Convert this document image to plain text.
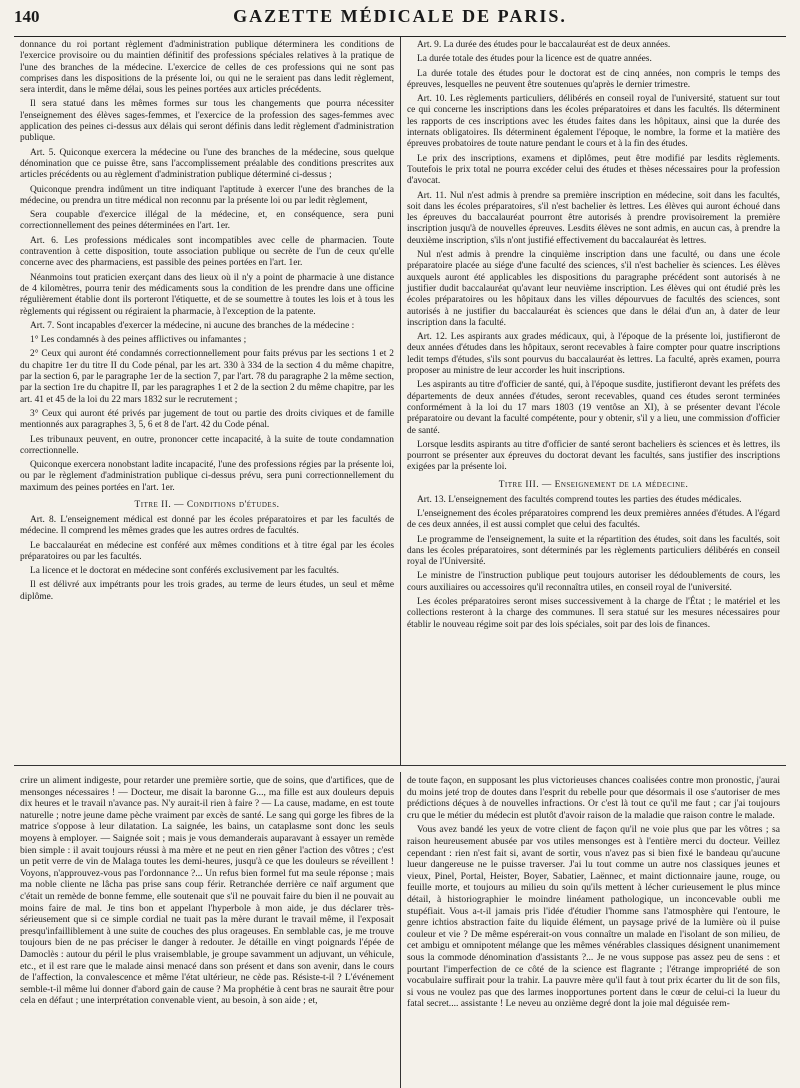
140	GAZETTE MÉDICALE DE PARIS.

donnance du roi portant règlement d'administration publique déterminera les conditions de l'exercice provisoire ou du maintien définitif des professions spéciales relatives à la pratique de l'une des branches de la médecine. L'exercice de celles de ces professions qui ne sont pas comprises dans les dispositions de la présente loi, ou qui ne le seraient pas dans ledit règlement, sera interdit, dans le même délai, sous les peines portées aux articles précédents.

Il sera statué dans les mêmes formes sur tous les changements que pourra nécessiter l'enseignement des élèves sages-femmes, et l'exercice de la profession des sages-femmes avec application des peines ci-dessus aux délais qui seront définis dans ledit règlement d'administration publique.

Art. 5. Quiconque exercera la médecine ou l'une des branches de la médecine, sous quelque dénomination que ce puisse être, sans l'accomplissement préalable des conditions prescrites aux articles précédents ou au règlement d'administration publique déterminé ci-dessus ;

Quiconque prendra indûment un titre indiquant l'aptitude à exercer l'une des branches de la médecine, ou prendra un titre médical non reconnu par la présente loi ou par ledit règlement,

Sera coupable d'exercice illégal de la médecine, et, en conséquence, sera puni correctionnellement des peines déterminées en l'art. 1er.

Art. 6. Les professions médicales sont incompatibles avec celle de pharmacien. Toute contravention à cette disposition, toute association publique ou secrète de l'un de ceux qu'elle concerne avec des pharmaciens, est passible des peines portées en l'art. 1er.

Néanmoins tout praticien exerçant dans des lieux où il n'y a point de pharmacie à une distance de 4 kilomètres, pourra tenir des médicaments sous la condition de les prendre dans une officine régulièrement établie dont ils porteront l'étiquette, et de se soumettre à toutes les lois et à tous les règlements qui régissent ou régiraient la pharmacie, à l'exception de la patente.

Art. 7. Sont incapables d'exercer la médecine, ni aucune des branches de la médecine :

1° Les condamnés à des peines afflictives ou infamantes ;

2° Ceux qui auront été condamnés correctionnellement pour faits prévus par les sections 1 et 2 du chapitre 1er du titre II du Code pénal, par les art. 330 à 334 de la section 4 du même chapitre, par la section 6, par le paragraphe 1er de la section 7, par l'art. 78 du paragraphe 2 la même section, par la section 1re du chapitre II, par les paragraphes 1 et 2 de la section 2 du même chapitre, par les art. 41 et 45 de la loi du 22 mars 1832 sur le recrutement ;

3° Ceux qui auront été privés par jugement de tout ou partie des droits civiques et de famille mentionnés aux paragraphes 3, 5, 6 et 8 de l'art. 42 du Code pénal.

Les tribunaux peuvent, en outre, prononcer cette incapacité, à la suite de toute condamnation correctionnelle.

Quiconque exercera nonobstant ladite incapacité, l'une des professions régies par la présente loi, ou par le règlement d'administration publique ci-dessus prévu, sera puni correctionnellement du maximum des peines portées en l'art. 1er.

Titre II. — Conditions d'études.

Art. 8. L'enseignement médical est donné par les écoles préparatoires et par les facultés de médecine. Il comprend les mêmes grades que les autres ordres de facultés.

Le baccalauréat en médecine est conféré aux mêmes conditions et à titre égal par les écoles préparatoires ou par les facultés.

La licence et le doctorat en médecine sont conférés exclusivement par les facultés.

Il est délivré aux impétrants pour les trois grades, au terme de leurs études, un seul et même diplôme.

Art. 9. La durée des études pour le baccalauréat est de deux années.

La durée totale des études pour la licence est de quatre années.

La durée totale des études pour le doctorat est de cinq années, non compris le temps des épreuves, lesquelles ne peuvent être soutenues qu'après le dernier trimestre.

Art. 10. Les règlements particuliers, délibérés en conseil royal de l'université, statuent sur tout ce qui concerne les inscriptions dans les écoles préparatoires et dans les facultés. Ils déterminent les rapports de ces inscriptions avec les études faites dans les hôpitaux, ainsi que la durée des internats obligatoires. Ils déterminent également l'époque, le nombre, la forme et la matière des épreuves probatoires de toute nature pendant le cours et à la fin des études.

Le prix des inscriptions, examens et diplômes, peut être modifié par lesdits règlements. Toutefois le prix total ne pourra excéder celui des études et thèses nécessaires pour la profession d'avocat.

Art. 11. Nul n'est admis à prendre sa première inscription en médecine, soit dans les facultés, soit dans les écoles préparatoires, s'il n'est bachelier ès lettres. Les élèves qui auront échoué dans les épreuves du baccalauréat pourront être autorisés à prendre provisoirement la première inscription jusqu'à de nouvelles épreuves. Lesdits élèves ne sont admis, en aucun cas, à prendre la deuxième inscription, s'ils n'ont justifié effectivement du baccalauréat ès lettres.

Nul n'est admis à prendre la cinquième inscription dans une faculté, ou dans une école préparatoire placée au siége d'une faculté des sciences, s'il n'est bachelier ès sciences. Les élèves auxquels auront été applicables les dispositions du paragraphe précédent sont autorisés à ne justifier dudit baccalauréat qu'avant leur neuvième inscription. Les élèves qui ont étudié près les écoles préparatoires ou les hôpitaux dans les villes dépourvues de facultés des sciences, sont autorisés à ne justifier du baccalauréat ès sciences que dans le délai d'un an, à dater de leur inscription dans la faculté.

Art. 12. Les aspirants aux grades médicaux, qui, à l'époque de la présente loi, justifieront de deux années d'études dans les hôpitaux, seront recevables à faire compter pour quatre inscriptions ledit temps d'études, s'ils sont pourvus du baccalauréat ès lettres. La faculté, après examen, pourra proposer au ministre de leur accorder les huit inscriptions.

Les aspirants au titre d'officier de santé, qui, à l'époque susdite, justifieront devant les préfets des départements de deux années d'études, seront recevables, quand ces études seront terminées conformément à la loi du 17 mars 1803 (19 ventôse an XI), à se présenter devant l'école préparatoire ou devant la faculté compétente, pour y obtenir, s'il y a lieu, une commission d'officier de santé.

Lorsque lesdits aspirants au titre d'officier de santé seront bacheliers ès sciences et ès lettres, ils pourront se présenter aux épreuves du doctorat devant les facultés, sans justifier des inscriptions exigées par la présente loi.

Titre III. — Enseignement de la médecine.

Art. 13. L'enseignement des facultés comprend toutes les parties des études médicales.

L'enseignement des écoles préparatoires comprend les deux premières années d'études. A l'égard de ces deux années, il est aussi complet que celui des facultés.

Le programme de l'enseignement, la suite et la répartition des études, soit dans les facultés, soit dans les écoles préparatoires, sont déterminés par les règlements particuliers délibérés en conseil royal de l'Université.

Le ministre de l'instruction publique peut toujours autoriser les dédoublements de cours, les cours auxiliaires ou accessoires qu'il reconnaîtra utiles, en conseil royal de l'université.

Les écoles préparatoires seront mises successivement à la charge de l'État ; le matériel et les collections resteront à la charge des communes. Il sera statué sur les mesures nécessaires pour établir le nouveau régime soit par des lois spéciales, soit par des lois de finances.

crire un aliment indigeste, pour retarder une première sortie, que de soins, que d'artifices, que de mensonges nécessaires ! — Docteur, me disait la baronne G..., ma fille est aux douleurs depuis dix heures et le travail n'avance pas. N'y aurait-il rien à faire ? — La cause, madame, en est toute naturelle ; notre jeune dame pèche vraiment par excès de santé. Le sang qui gorge les fibres de la matrice s'oppose à leur dilatation. La saignée, les bains, un cataplasme sont donc les seuls moyens à employer. — Saignée soit ; mais je vous demanderais auparavant à essayer un remède bien simple : il avait toujours réussi à ma mère et ne peut en rien gêner l'action des vôtres ; c'est un petit verre de vin de Malaga toutes les demi-heures, jusqu'à ce que les douleurs se réveillent ! Voyons, n'approuvez-vous pas l'ordonnance ?... Un refus bien formel fut ma seule réponse ; mais ma noble cliente ne lâcha pas prise sans coup férir. Retranchée derrière ce naïf argument que c'était un remède de bonne femme, elle soutenait que s'il ne pouvait faire du bien il ne pouvait au moins faire de mal. Je tins bon et appelant l'hyperbole à mon aide, je dus déclarer très-sérieusement que si ce simple cordial ne tuait pas la mère durant le travail même, il l'exposait presqu'infailliblement à une suite de couches des plus orageuses. En semblable cas, je me trouve toujours bien de ne pas préciser le danger à redouter. Je détaille en vingt poignards l'épée de Damoclès : autour du péril le plus vraisemblable, je groupe savamment un adjuvant, un véhicule, etc., et il est rare que le malade ainsi menacé dans son présent et dans son avenir, dans le cours de l'affection, la convalescence et même l'état ultérieur, ne cède pas. Résiste-t-il ? L'événement semble-t-il même lui donner d'abord gain de cause ? Ma prophétie à cent bras ne saurait être pour cela en défaut ; une interprétation convenable vient, au besoin, à son aide ; et,

de toute façon, en supposant les plus victorieuses chances coalisées contre mon pronostic, j'aurai du moins jeté trop de doutes dans l'esprit du rebelle pour que désormais il ose s'autoriser de mes prédictions déçues à de nouvelles infractions. Or c'est là tout ce qu'il me faut ; car j'ai toujours cru que le métier du médecin est plutôt d'avoir raison de la maladie que raison contre le malade.

Vous avez bandé les yeux de votre client de façon qu'il ne voie plus que par les vôtres ; sa raison heureusement abusée par vos utiles mensonges est à l'entière merci du docteur. Veillez cependant : rien n'est fait si, avant de sortir, vous n'avez pas si bien fixé le bandeau qu'aucune lueur dangereuse ne le puisse traverser. J'ai lu tout comme un autre nos classiques jeunes et vieux, Pinel, Portal, Heister, Boyer, Sabatier, Laënnec, et maint dictionnaire jaune, rouge, ou feuille morte, et toujours au milieu du soin qu'ils mettent à lécher curieusement le plus mince détail, à historiographier le moindre linéament pathologique, un inconcevable oubli me stupéfiait. Vous a-t-il jamais pris l'idée d'étudier l'homme sans l'atmosphère qui l'entoure, le genre ichtios abstraction faite du liquide élément, un paysage privé de la lumière où il puise couleur et vie ? De même espérerait-on vous connaître un malade en l'isolant de son milieu, de cet ambigu et omnipotent mélange que les mêmes vénérables classiques désignent unanimement sous la commode dénomination d'assistants ?... Je ne vous suppose pas assez peu de sens : et pourtant l'imperfection de ce côté de la science est flagrante ; l'étrange impropriété de son vocabulaire suffirait pour la trahir. La pauvre mère qu'il faut à tout prix écarter du lit de son fils, si vous ne voulez pas que des larmes inopportunes portent dans le cœur de celui-ci la lueur du fatal secret.... assistante ! Le neveu au onzième degré dont la joie mal déguisée rem-
